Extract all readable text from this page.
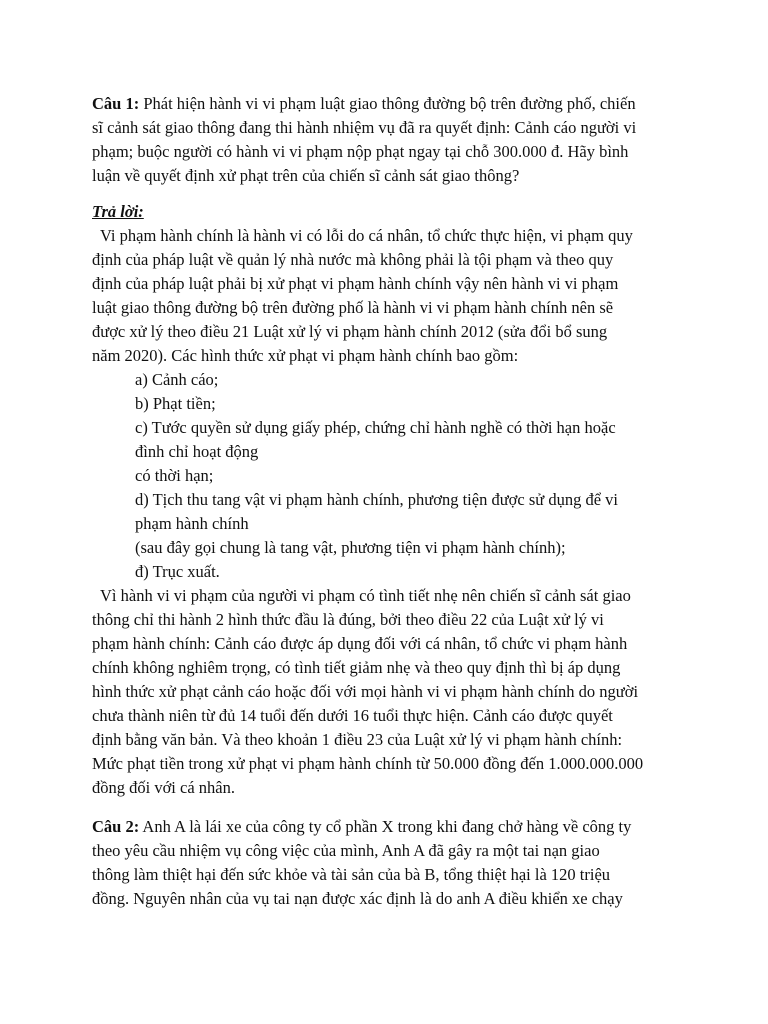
Câu 1: Phát hiện hành vi vi phạm luật giao thông đường bộ trên đường phố, chiến
sĩ cảnh sát giao thông đang thi hành nhiệm vụ đã ra quyết định: Cảnh cáo người vi
phạm; buộc người có hành vi vi phạm nộp phạt ngay tại chỗ 300.000 đ. Hãy bình
luận về quyết định xử phạt trên của chiến sĩ cảnh sát giao thông?
Trả lời:
Vi phạm hành chính là hành vi có lỗi do cá nhân, tổ chức thực hiện, vi phạm quy
định của pháp luật về quản lý nhà nước mà không phải là tội phạm và theo quy
định của pháp luật phải bị xử phạt vi phạm hành chính vậy nên hành vi vi phạm
luật giao thông đường bộ trên đường phố là hành vi vi phạm hành chính nên sẽ
được xử lý theo điều 21 Luật xử lý vi phạm hành chính 2012 (sửa đổi bổ sung
năm 2020). Các hình thức xử phạt vi phạm hành chính bao gồm:
a) Cảnh cáo;
b) Phạt tiền;
c) Tước quyền sử dụng giấy phép, chứng chỉ hành nghề có thời hạn hoặc
đình chỉ hoạt động
có thời hạn;
d) Tịch thu tang vật vi phạm hành chính, phương tiện được sử dụng để vi
phạm hành chính
(sau đây gọi chung là tang vật, phương tiện vi phạm hành chính);
đ) Trục xuất.
Vì hành vi vi phạm của người vi phạm có tình tiết nhẹ nên chiến sĩ cảnh sát giao
thông chỉ thi hành 2 hình thức đầu là đúng, bởi theo điều 22 của Luật xử lý vi
phạm hành chính: Cảnh cáo được áp dụng đối với cá nhân, tổ chức vi phạm hành
chính không nghiêm trọng, có tình tiết giảm nhẹ và theo quy định thì bị áp dụng
hình thức xử phạt cảnh cáo hoặc đối với mọi hành vi vi phạm hành chính do người
chưa thành niên từ đủ 14 tuổi đến dưới 16 tuổi thực hiện. Cảnh cáo được quyết
định bằng văn bản. Và theo khoản 1 điều 23 của Luật xử lý vi phạm hành chính:
Mức phạt tiền trong xử phạt vi phạm hành chính từ 50.000 đồng đến 1.000.000.000
đồng đối với cá nhân.
Câu 2: Anh A là lái xe của công ty cổ phần X trong khi đang chở hàng về công ty
theo yêu cầu nhiệm vụ công việc của mình, Anh A đã gây ra một tai nạn giao
thông làm thiệt hại đến sức khỏe và tài sản của bà B, tổng thiệt hại là 120 triệu
đồng. Nguyên nhân của vụ tai nạn được xác định là do anh A điều khiển xe chạy
